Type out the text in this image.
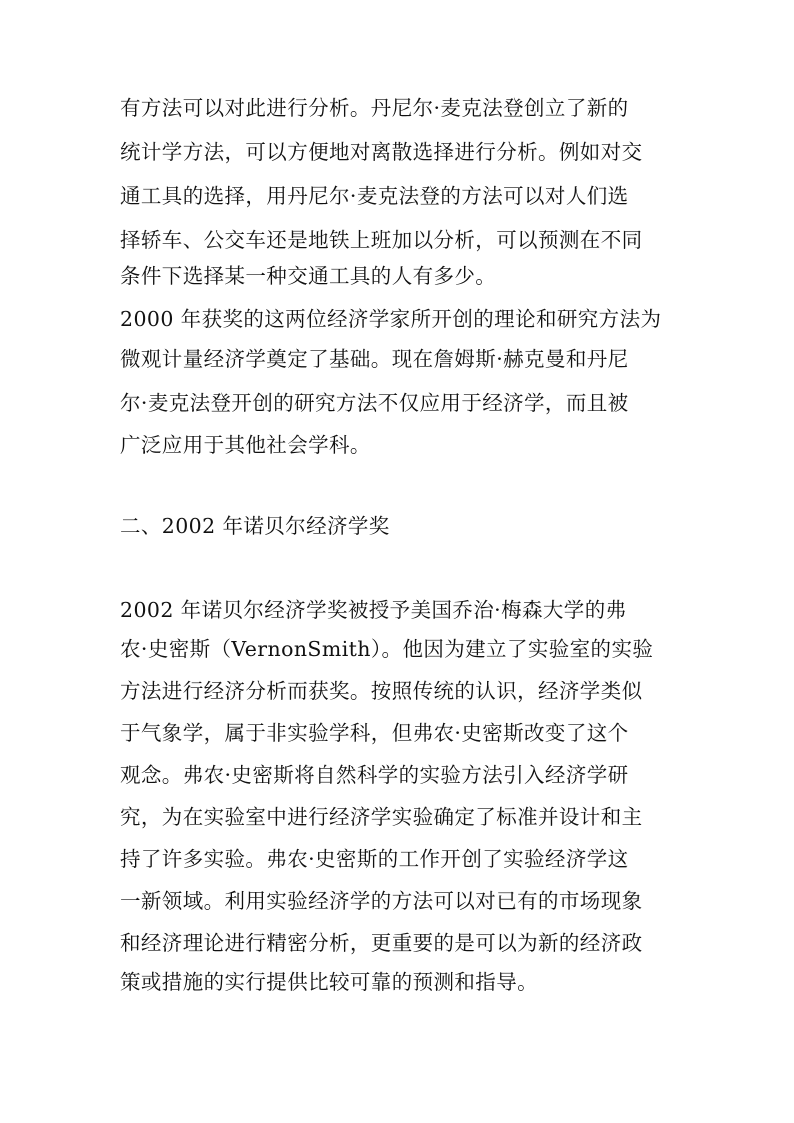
有方法可以对此进行分析。丹尼尔·麦克法登创立了新的
统计学方法，可以方便地对离散选择进行分析。例如对交
通工具的选择，用丹尼尔·麦克法登的方法可以对人们选
择轿车、公交车还是地铁上班加以分析，可以预测在不同
条件下选择某一种交通工具的人有多少。
2000 年获奖的这两位经济学家所开创的理论和研究方法为
微观计量经济学奠定了基础。现在詹姆斯·赫克曼和丹尼
尔·麦克法登开创的研究方法不仅应用于经济学，而且被
广泛应用于其他社会学科。
二、2002 年诺贝尔经济学奖
2002 年诺贝尔经济学奖被授予美国乔治·梅森大学的弗
农·史密斯（VernonSmith）。他因为建立了实验室的实验
方法进行经济分析而获奖。按照传统的认识，经济学类似
于气象学，属于非实验学科，但弗农·史密斯改变了这个
观念。弗农·史密斯将自然科学的实验方法引入经济学研
究，为在实验室中进行经济学实验确定了标准并设计和主
持了许多实验。弗农·史密斯的工作开创了实验经济学这
一新领域。利用实验经济学的方法可以对已有的市场现象
和经济理论进行精密分析，更重要的是可以为新的经济政
策或措施的实行提供比较可靠的预测和指导。
